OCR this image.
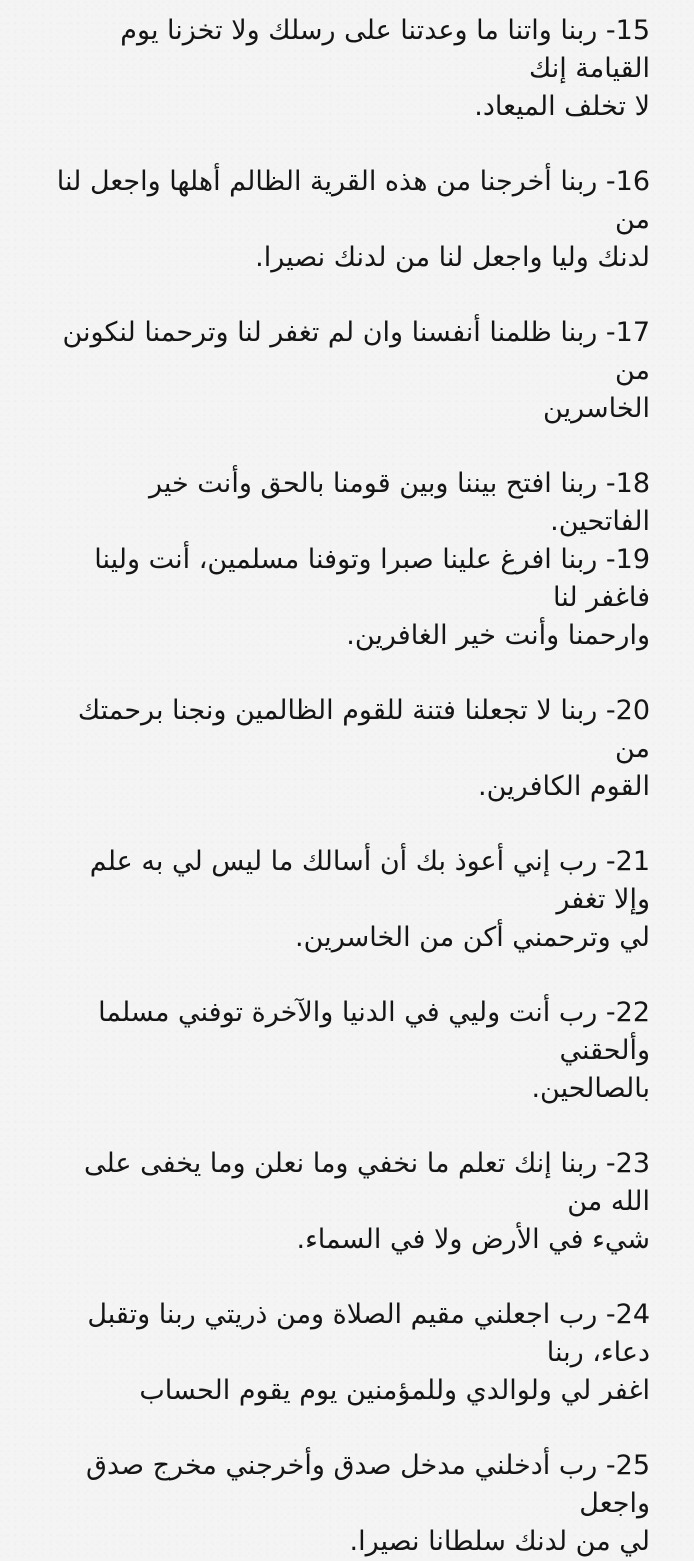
15- ربنا واتنا ما وعدتنا على رسلك ولا تخزنا يوم القيامة إنك
لا تخلف الميعاد.

16- ربنا أخرجنا من هذه القرية الظالم أهلها واجعل لنا من
لدنك وليا واجعل لنا من لدنك نصيرا.

17- ربنا ظلمنا أنفسنا وان لم تغفر لنا وترحمنا لنكونن من
الخاسرين

18- ربنا افتح بيننا وبين قومنا بالحق وأنت خير الفاتحين.

19- ربنا افرغ علينا صبرا وتوفنا مسلمين، أنت ولينا فاغفر لنا
وارحمنا وأنت خير الغافرين.

20- ربنا لا تجعلنا فتنة للقوم الظالمين ونجنا برحمتك من
القوم الكافرين.

21- رب إني أعوذ بك أن أسالك ما ليس لي به علم وإلا تغفر
لي وترحمني أكن من الخاسرين.

22- رب أنت وليي في الدنيا والآخرة توفني مسلما وألحقني
بالصالحين.

23- ربنا إنك تعلم ما نخفي وما نعلن وما يخفى على الله من
شيء في الأرض ولا في السماء.

24- رب اجعلني مقيم الصلاة ومن ذريتي ربنا وتقبل دعاء، ربنا
اغفر لي ولوالدي وللمؤمنين يوم يقوم الحساب

25- رب أدخلني مدخل صدق وأخرجني مخرج صدق واجعل
لي من لدنك سلطانا نصيرا.
